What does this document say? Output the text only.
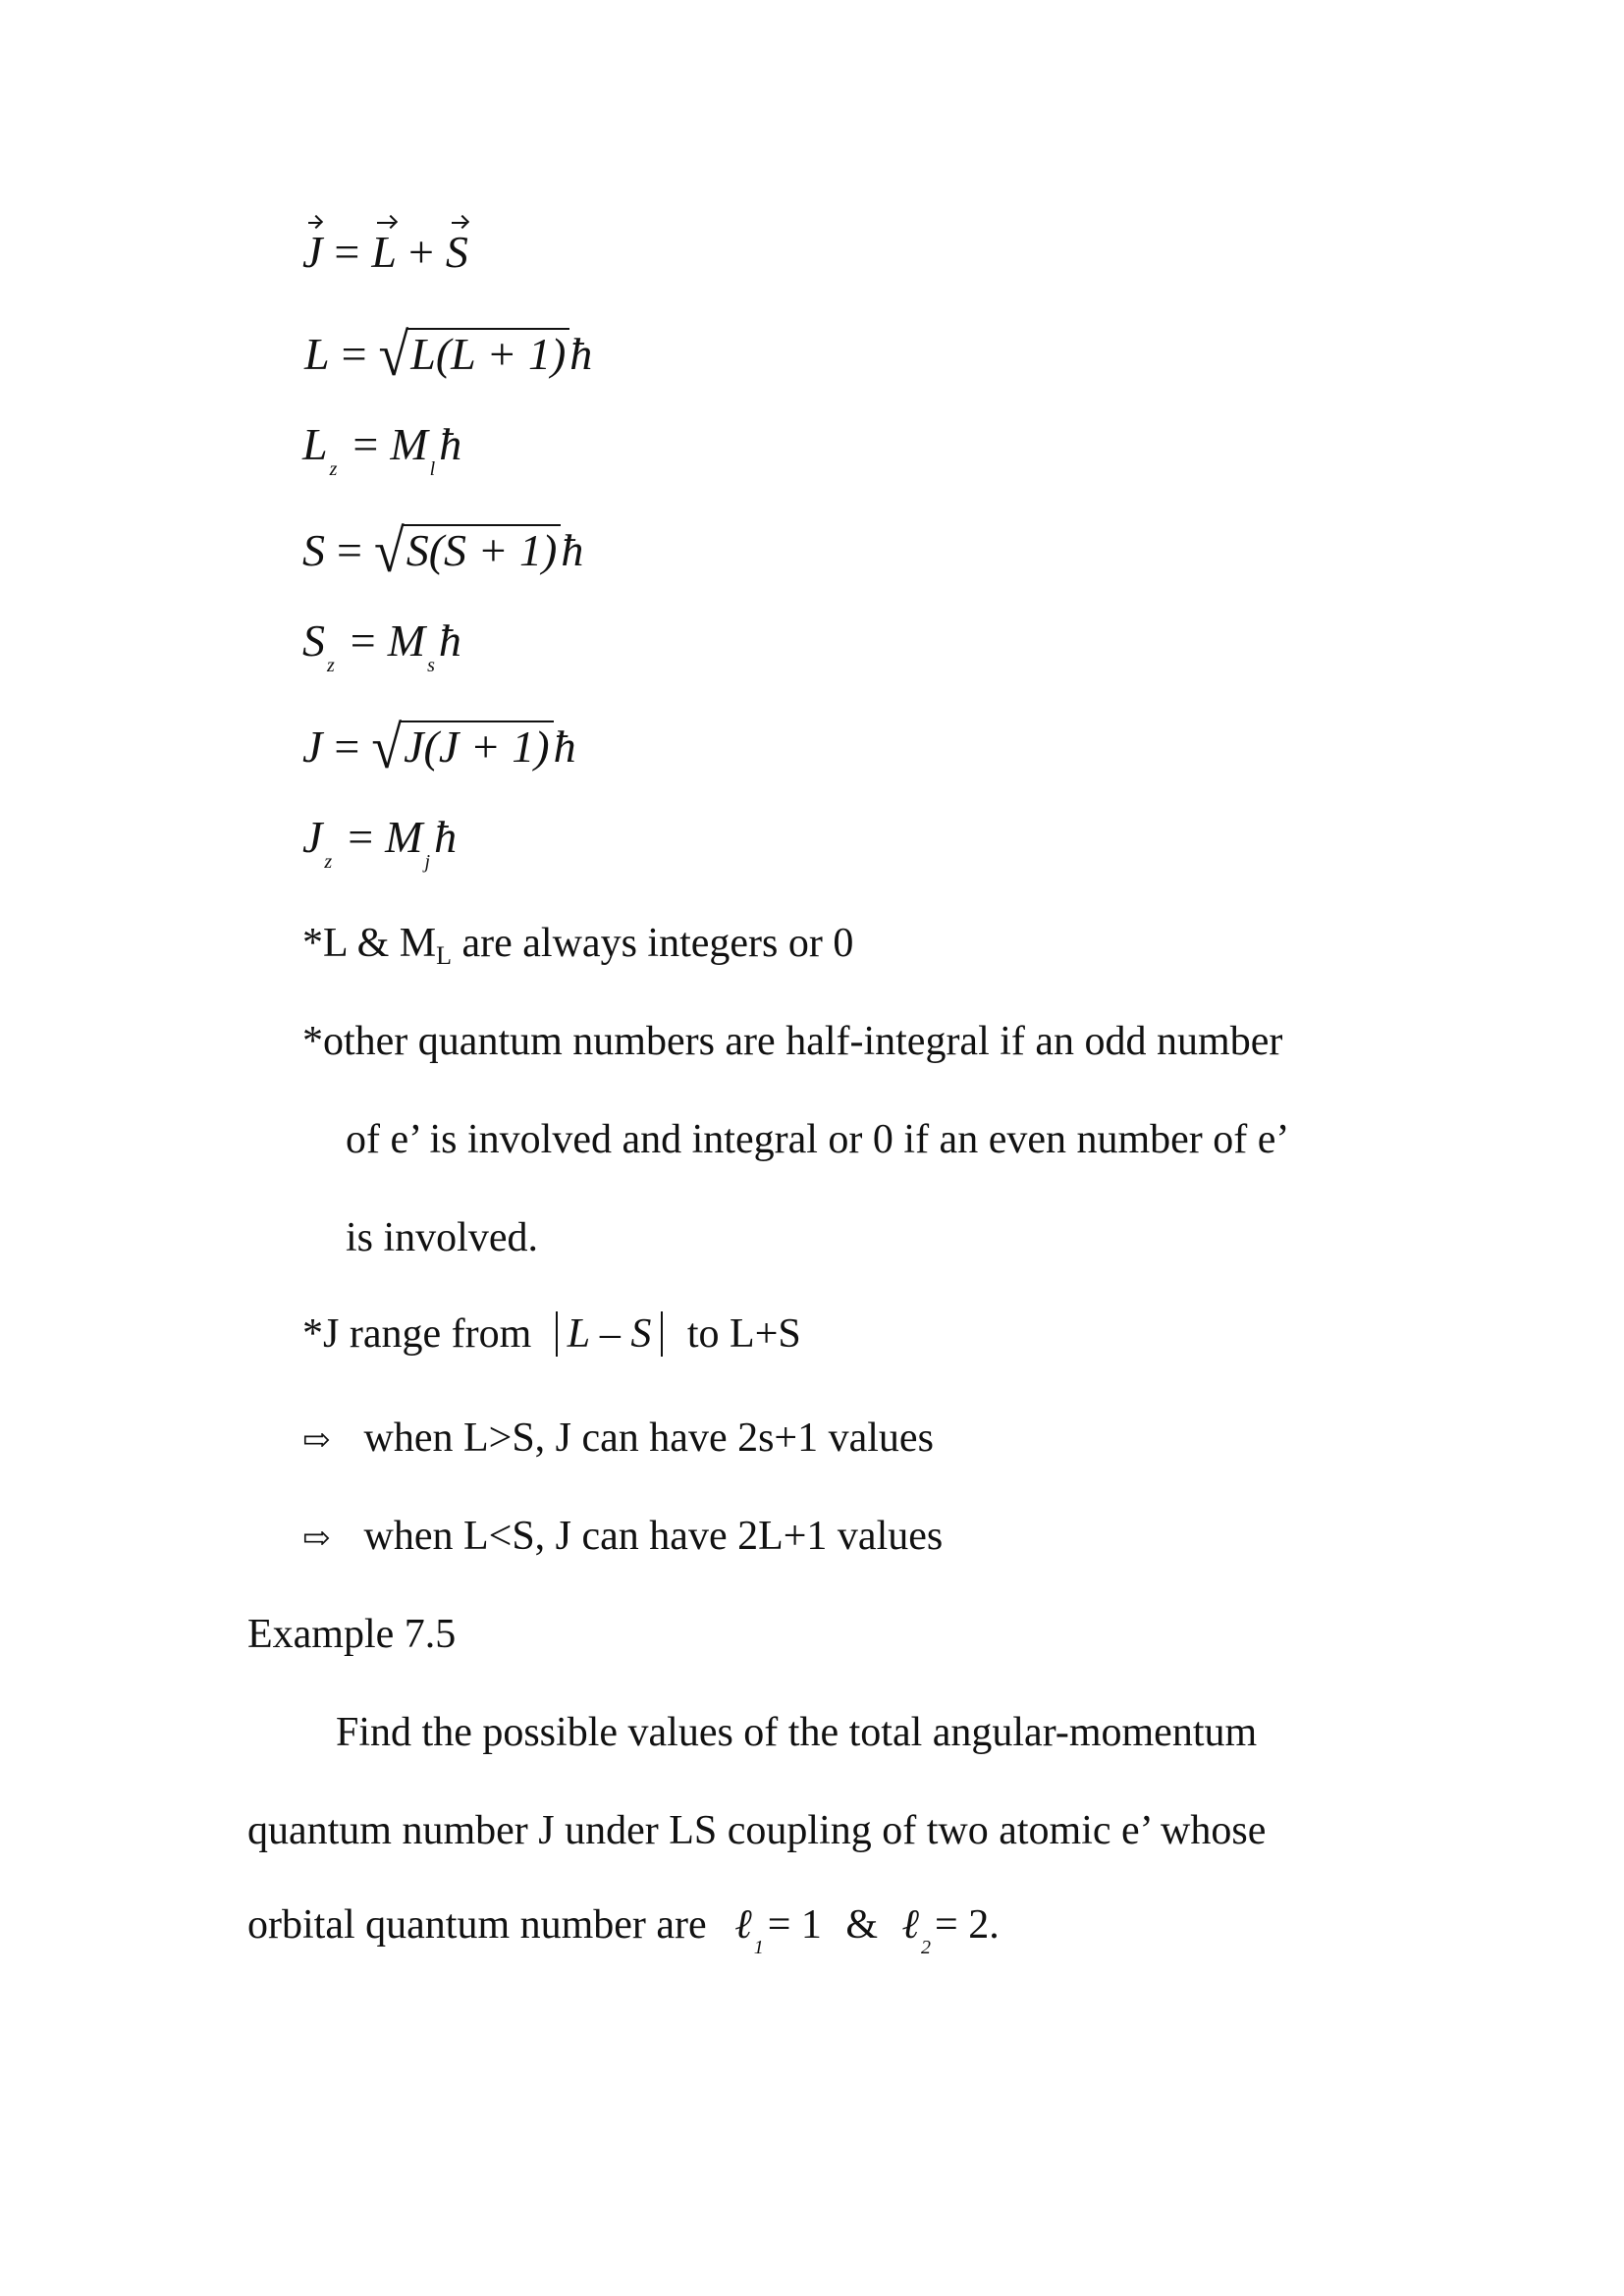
J = L + S
L = √L(L + 1)ħ
L $_z$ = M $_l$ħ
S = √S(S + 1)ħ
S $_z$ = M $_s$ħ
J = √J(J + 1)ħ
J $_z$ = M $_j$ħ
*L & ML are always integers or 0
*other quantum numbers are half-integral if an odd number
of e’ is involved and integral or 0 if an even number of e’
is involved.
*J range from L – S to L+S
⇨ when L>S, J can have 2s+1 values
⇨ when L<S, J can have 2L+1 values
Example 7.5
Find the possible values of the total angular-momentum
quantum number J under LS coupling of two atomic e’ whose
orbital quantum number are ℓ $_1$= 1 & ℓ $_2$= 2.
